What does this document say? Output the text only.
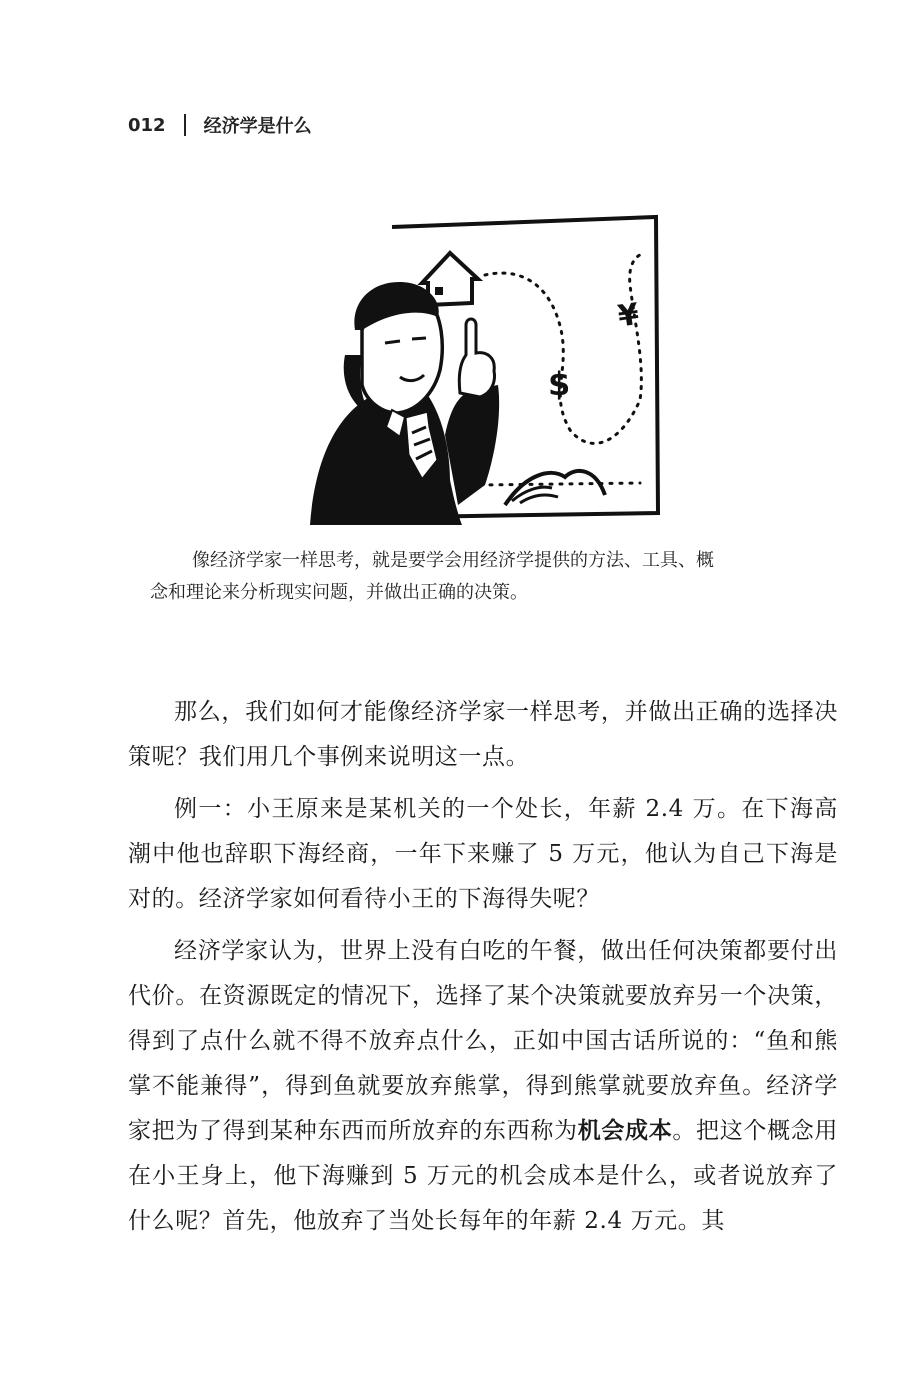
012 经济学是什么
$
¥

像经济学家一样思考，就是要学会用经济学提供的方法、工具、概

念和理论来分析现实问题，并做出正确的决策。

那么，我们如何才能像经济学家一样思考，并做出正确的选择决策呢？我们用几个事例来说明这一点。

例一：小王原来是某机关的一个处长，年薪 2.4 万。在下海高潮中他也辞职下海经商，一年下来赚了 5 万元，他认为自己下海是对的。经济学家如何看待小王的下海得失呢？

经济学家认为，世界上没有白吃的午餐，做出任何决策都要付出代价。在资源既定的情况下，选择了某个决策就要放弃另一个决策，得到了点什么就不得不放弃点什么，正如中国古话所说的：“鱼和熊掌不能兼得”，得到鱼就要放弃熊掌，得到熊掌就要放弃鱼。经济学家把为了得到某种东西而所放弃的东西称为机会成本。把这个概念用在小王身上，他下海赚到 5 万元的机会成本是什么，或者说放弃了什么呢？首先，他放弃了当处长每年的年薪 2.4 万元。其
